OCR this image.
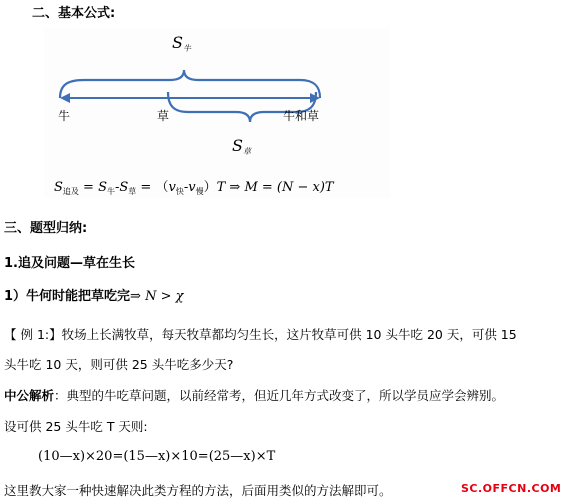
二、基本公式:
$S_牛$
$S_草$
牛	草	牛和草
$S_{追及} = S_牛-S_草 = (v_快-v_慢)T$ ⇒ M = (N − x)T
三、题型归纳:
1.追及问题—草在生长
1）牛何时能把草吃完⇒ N > χ
【 例 1:】牧场上长满牧草，每天牧草都均匀生长，这片牧草可供 10 头牛吃 20 天，可供 15
头牛吃 10 天，则可供 25 头牛吃多少天?
中公解析：典型的牛吃草问题，以前经常考，但近几年方式改变了，所以学员应学会辨别。
设可供 25 头牛吃 T 天则:
(10—x)×20=(15—x)×10=(25—x)×T
这里教大家一种快速解决此类方程的方法，后面用类似的方法解即可。	SC.OFFCN.COM
